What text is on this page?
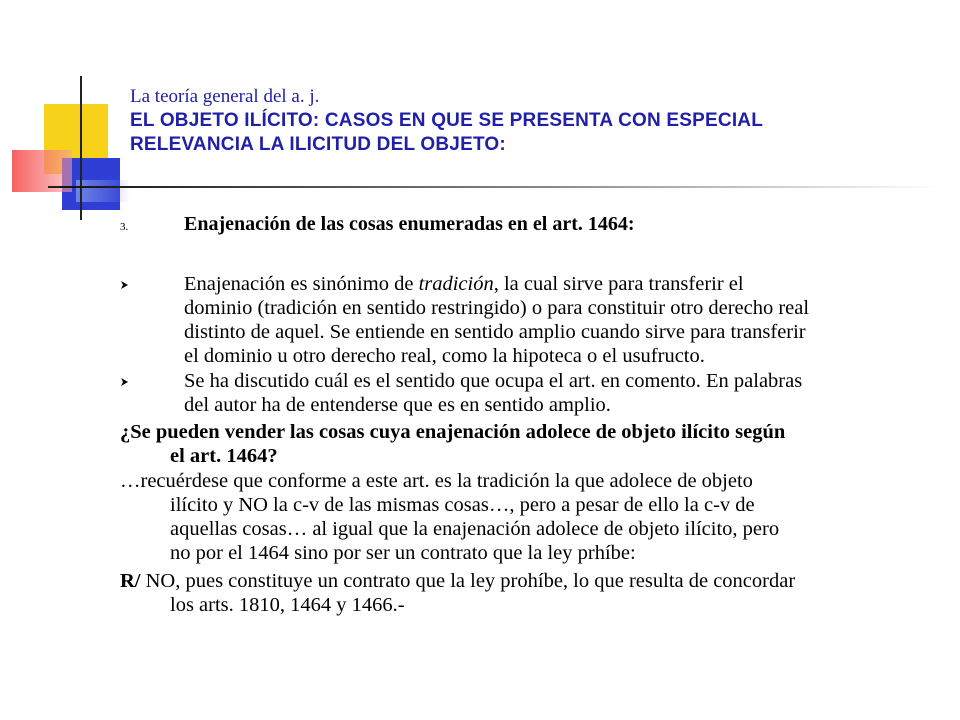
La teoría general del a. j.
EL OBJETO ILÍCITO: CASOS EN QUE SE PRESENTA CON ESPECIAL
RELEVANCIA LA ILICITUD DEL OBJETO:
3.	Enajenación de las cosas enumeradas en el art. 1464:
Enajenación es sinónimo de tradición, la cual sirve para transferir el
dominio (tradición en sentido restringido) o para constituir otro derecho real
distinto de aquel. Se entiende en sentido amplio cuando sirve para transferir
el dominio u otro derecho real, como la hipoteca o el usufructo.
Se ha discutido cuál es el sentido que ocupa el art. en comento. En palabras
del autor ha de entenderse que es en sentido amplio.
¿Se pueden vender las cosas cuya enajenación adolece de objeto ilícito según
el art. 1464?
…recuérdese que conforme a este art. es la tradición la que adolece de objeto
ilícito y NO la c-v de las mismas cosas…, pero a pesar de ello la c-v de
aquellas cosas… al igual que la enajenación adolece de objeto ilícito, pero
no por el 1464 sino por ser un contrato que la ley prhíbe:
R/ NO, pues constituye un contrato que la ley prohíbe, lo que resulta de concordar
los arts. 1810, 1464 y 1466.-
